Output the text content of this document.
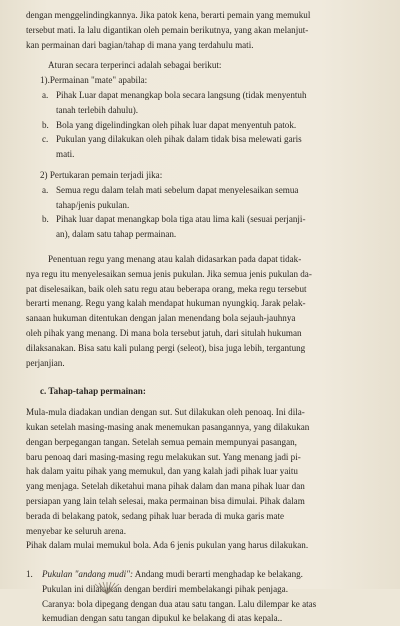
dengan menggelindingkannya. Jika patok kena, berarti pemain yang memukul

tersebut mati. Ia lalu digantikan oleh pemain berikutnya, yang akan melanjut-

kan permainan dari bagian/tahap di mana yang terdahulu mati.

Aturan secara terperinci adalah sebagai berikut:

1).Permainan "mate" apabila:

a. Pihak Luar dapat menangkap bola secara langsung (tidak menyentuh

tanah terlebih dahulu).

b. Bola yang digelindingkan oleh pihak luar dapat menyentuh patok.

c. Pukulan yang dilakukan oleh pihak dalam tidak bisa melewati garis

mati.

2) Pertukaran pemain terjadi jika:

a. Semua regu dalam telah mati sebelum dapat menyelesaikan semua

tahap/jenis pukulan.

b. Pihak luar dapat menangkap bola tiga atau lima kali (sesuai perjanji-

an), dalam satu tahap permainan.

Penentuan regu yang menang atau kalah didasarkan pada dapat tidak-

nya regu itu menyelesaikan semua jenis pukulan. Jika semua jenis pukulan da-

pat diselesaikan, baik oleh satu regu atau beberapa orang, meka regu tersebut

berarti menang. Regu yang kalah mendapat hukuman nyungkiq. Jarak pelak-

sanaan hukuman ditentukan dengan jalan menendang bola sejauh-jauhnya

oleh pihak yang menang. Di mana bola tersebut jatuh, dari situlah hukuman

dilaksanakan. Bisa satu kali pulang pergi (seleot), bisa juga lebih, tergantung

perjanjian.

c. Tahap-tahap permainan:

Mula-mula diadakan undian dengan sut. Sut dilakukan oleh penoaq. Ini dila-

kukan setelah masing-masing anak menemukan pasangannya, yang dilakukan

dengan berpegangan tangan. Setelah semua pemain mempunyai pasangan,

baru penoaq dari masing-masing regu melakukan sut. Yang menang jadi pi-

hak dalam yaitu pihak yang memukul, dan yang kalah jadi pihak luar yaitu

yang menjaga. Setelah diketahui mana pihak dalam dan mana pihak luar dan

persiapan yang lain telah selesai, maka permainan bisa dimulai. Pihak dalam

berada di belakang patok, sedang pihak luar berada di muka garis mate

menyebar ke seluruh arena.

Pihak dalam mulai memukul bola. Ada 6 jenis pukulan yang harus dilakukan.

1. Pukulan "andang mudi": Andang mudi berarti menghadap ke belakang.

Pukulan ini dilakukan dengan berdiri membelakangi pihak penjaga.

Caranya: bola dipegang dengan dua atau satu tangan. Lalu dilempar ke atas

kemudian dengan satu tangan dipukul ke belakang di atas kepala..
